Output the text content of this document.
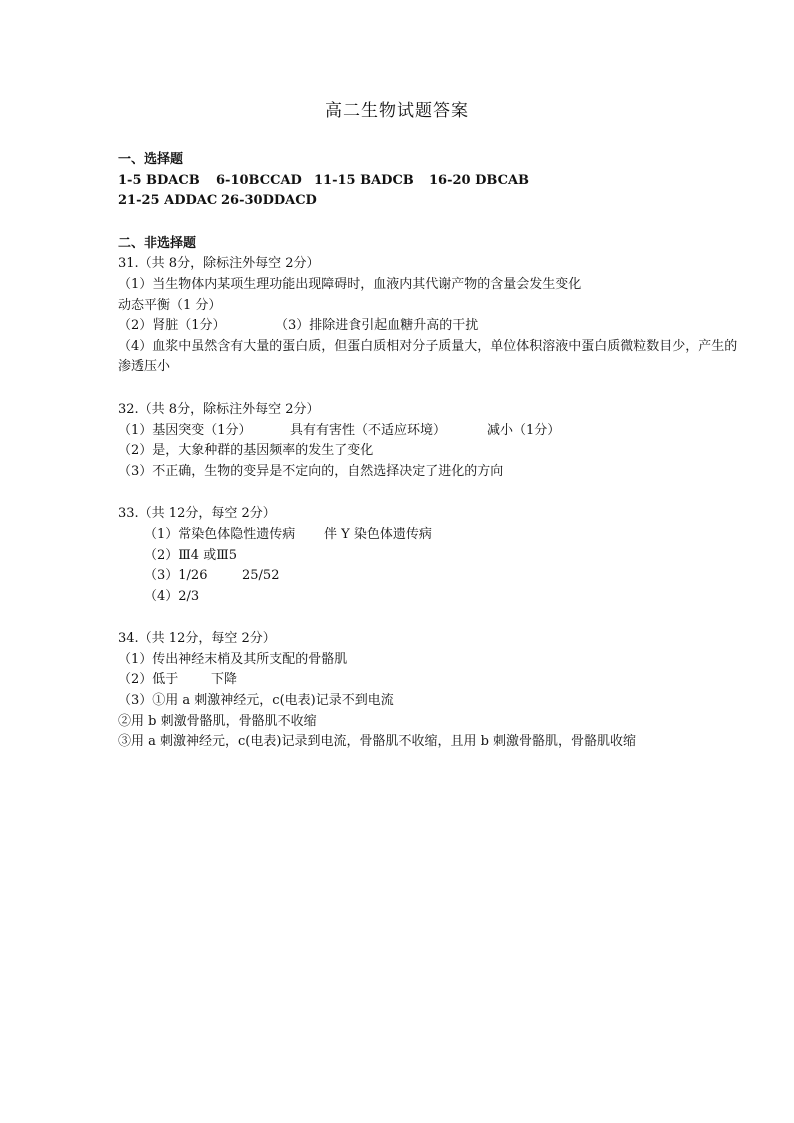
高二生物试题答案
一、选择题
1-5 BDACB 6-10BCCAD 11-15 BADCB 16-20 DBCAB
21-25 ADDAC 26-30DDACD
二、非选择题
31.（共 8分，除标注外每空 2分）
（1）当生物体内某项生理功能出现障碍时，血液内其代谢产物的含量会发生变化
动态平衡（1 分）
（2）肾脏（1分）	（3）排除进食引起血糖升高的干扰
（4）血浆中虽然含有大量的蛋白质，但蛋白质相对分子质量大，单位体积溶液中蛋白质微粒数目少，产生的渗透压小
32.（共 8分，除标注外每空 2分）
（1）基因突变（1分）	具有有害性（不适应环境）	减小（1分）
（2）是，大象种群的基因频率的发生了变化
（3）不正确，生物的变异是不定向的，自然选择决定了进化的方向
33.（共 12分，每空 2分）
（1）常染色体隐性遗传病 伴 Y 染色体遗传病
（2）Ⅲ4 或Ⅲ5
（3）1/26	25/52
（4）2/3
34.（共 12分，每空 2分）
（1）传出神经末梢及其所支配的骨骼肌
（2）低于	下降
（3）①用 a 刺激神经元，c(电表)记录不到电流
②用 b 刺激骨骼肌，骨骼肌不收缩
③用 a 刺激神经元，c(电表)记录到电流，骨骼肌不收缩，且用 b 刺激骨骼肌，骨骼肌收缩
